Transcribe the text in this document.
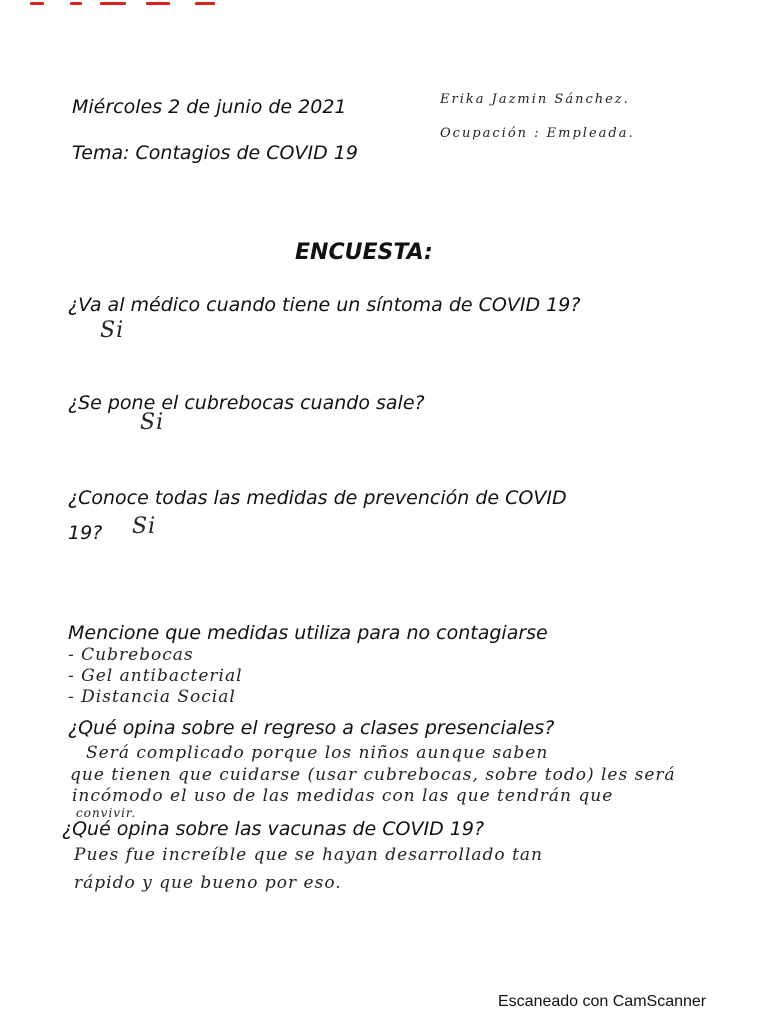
Miércoles 2 de junio de 2021
Tema: Contagios de COVID 19
Erika Jazmin Sánchez.
Ocupación : Empleada.
ENCUESTA:
¿Va al médico cuando tiene un síntoma de COVID 19?
Si
¿Se pone el cubrebocas cuando sale?
Si
¿Conoce todas las medidas de prevención de COVID
19? Si
Mencione que medidas utiliza para no contagiarse
- Cubrebocas
- Gel antibacterial
- Distancia Social
¿Qué opina sobre el regreso a clases presenciales?
Será complicado porque los niños aunque saben
que tienen que cuidarse (usar cubrebocas, sobre todo) les será
incómodo el uso de las medidas con las que tendrán que
convivir.
¿Qué opina sobre las vacunas de COVID 19?
Pues fue increíble que se hayan desarrollado tan
rápido y que bueno por eso.
Escaneado con CamScanner
